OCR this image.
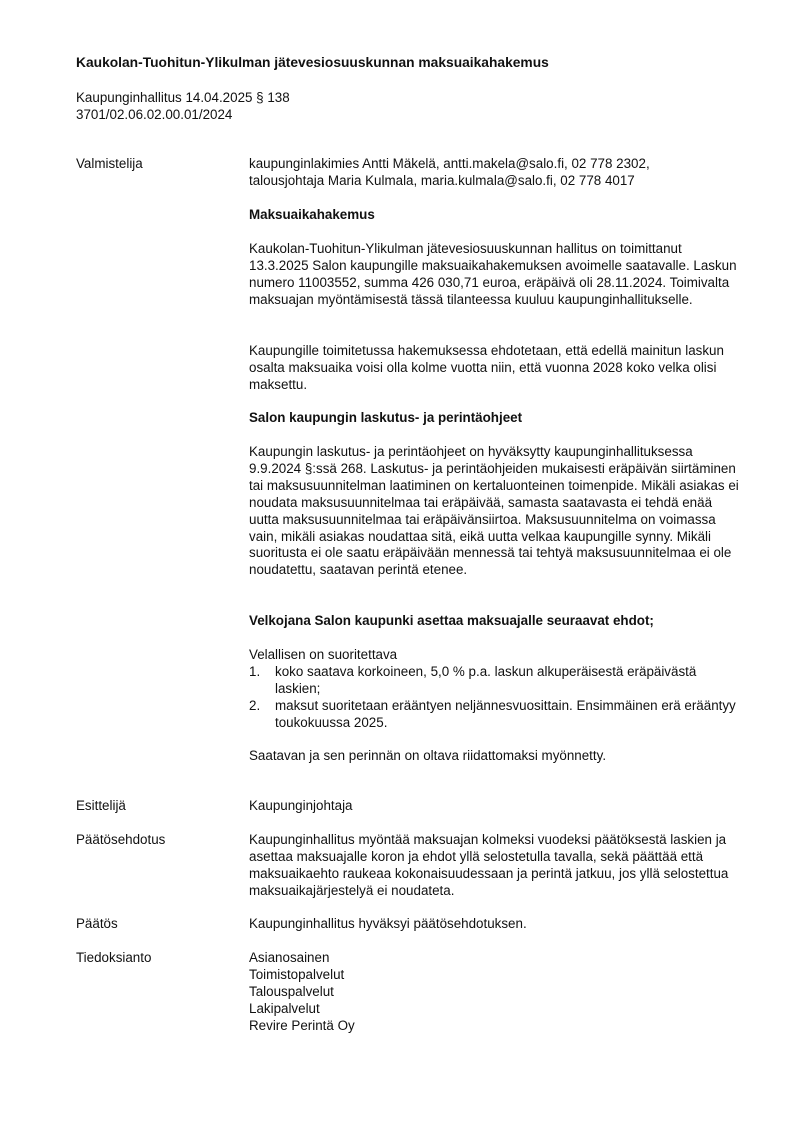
Kaukolan-Tuohitun-Ylikulman jätevesiosuuskunnan maksuaikahakemus
Kaupunginhallitus 14.04.2025 § 138
3701/02.06.02.00.01/2024
Valmistelija	kaupunginlakimies Antti Mäkelä, antti.makela@salo.fi, 02 778 2302,
talousjohtaja Maria Kulmala, maria.kulmala@salo.fi, 02 778 4017
Maksuaikahakemus

Kaukolan-Tuohitun-Ylikulman jätevesiosuuskunnan hallitus on toimittanut 13.3.2025 Salon kaupungille maksuaikahakemuksen avoimelle saatavalle. Laskun numero 11003552, summa 426 030,71 euroa, eräpäivä oli 28.11.2024. Toimivalta maksuajan myöntämisestä tässä tilanteessa kuuluu kaupunginhallitukselle.

Kaupungille toimitetussa hakemuksessa ehdotetaan, että edellä mainitun laskun osalta maksuaika voisi olla kolme vuotta niin, että vuonna 2028 koko velka olisi maksettu.

Salon kaupungin laskutus- ja perintäohjeet

Kaupungin laskutus- ja perintäohjeet on hyväksytty kaupunginhallituksessa 9.9.2024 §:ssä 268. Laskutus- ja perintäohjeiden mukaisesti eräpäivän siirtäminen tai maksusuunnitelman laatiminen on kertaluonteinen toimenpide. Mikäli asiakas ei noudata maksusuunnitelmaa tai eräpäivää, samasta saatavasta ei tehdä enää uutta maksusuunnitelmaa tai eräpäivänsiirtoa. Maksusuunnitelma on voimassa vain, mikäli asiakas noudattaa sitä, eikä uutta velkaa kaupungille synny. Mikäli suoritusta ei ole saatu eräpäivään mennessä tai tehtyä maksusuunnitelmaa ei ole noudatettu, saatavan perintä etenee.

Velkojana Salon kaupunki asettaa maksuajalle seuraavat ehdot;
Velallisen on suoritettava
1. koko saatava korkoineen, 5,0 % p.a. laskun alkuperäisestä eräpäivästä laskien;
2. maksut suoritetaan erääntyen neljännesvuosittain. Ensimmäinen erä erääntyy toukokuussa 2025.

Saatavan ja sen perinnän on oltava riidattomaksi myönnetty.

Esittelijä	Kaupunginjohtaja
Päätösehdotus	Kaupunginhallitus myöntää maksuajan kolmeksi vuodeksi päätöksestä laskien ja asettaa maksuajalle koron ja ehdot yllä selostetulla tavalla, sekä päättää että maksuaikaehto raukeaa kokonaisuudessaan ja perintä jatkuu, jos yllä selostettua maksuaikajärjestelyä ei noudateta.

Päätös	Kaupunginhallitus hyväksyi päätösehdotuksen.
Tiedoksianto	Asianosainen
Toimistopalvelut
Talouspalvelut
Lakipalvelut
Revire Perintä Oy
